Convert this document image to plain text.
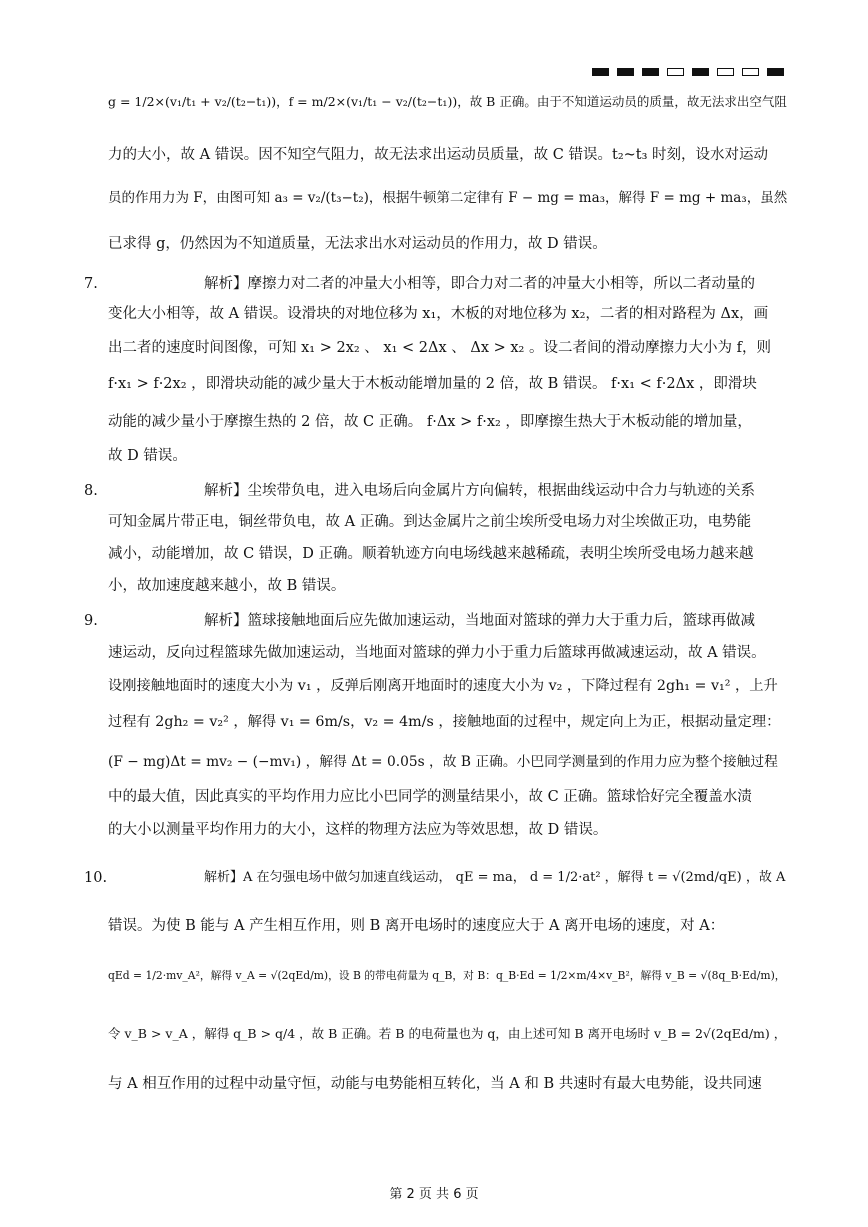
g = 1/2×(v₁/t₁ + v₂/(t₂−t₁))，f = m/2×(v₁/t₁ − v₂/(t₂−t₁))，故 B 正确。由于不知道运动员的质量，故无法求出空气阻
力的大小，故 A 错误。因不知空气阻力，故无法求出运动员质量，故 C 错误。t₂~t₃ 时刻，设水对运动
员的作用力为 F，由图可知 a₃ = v₂/(t₃−t₂)，根据牛顿第二定律有 F − mg = ma₃，解得 F = mg + ma₃，虽然
已求得 g，仍然因为不知道质量，无法求出水对运动员的作用力，故 D 错误。
解析】摩擦力对二者的冲量大小相等，即合力对二者的冲量大小相等，所以二者动量的
变化大小相等，故 A 错误。设滑块的对地位移为 x₁，木板的对地位移为 x₂，二者的相对路程为 Δx，画
出二者的速度时间图像，可知 x₁ > 2x₂ 、 x₁ < 2Δx 、 Δx > x₂ 。设二者间的滑动摩擦力大小为 f，则
f·x₁ > f·2x₂ ，即滑块动能的减少量大于木板动能增加量的 2 倍，故 B 错误。 f·x₁ < f·2Δx ，即滑块
动能的减少量小于摩擦生热的 2 倍，故 C 正确。 f·Δx > f·x₂ ，即摩擦生热大于木板动能的增加量，
故 D 错误。
解析】尘埃带负电，进入电场后向金属片方向偏转，根据曲线运动中合力与轨迹的关系
可知金属片带正电，铜丝带负电，故 A 正确。到达金属片之前尘埃所受电场力对尘埃做正功，电势能
减小，动能增加，故 C 错误，D 正确。顺着轨迹方向电场线越来越稀疏，表明尘埃所受电场力越来越
小，故加速度越来越小，故 B 错误。
解析】篮球接触地面后应先做加速运动，当地面对篮球的弹力大于重力后，篮球再做减
速运动，反向过程篮球先做加速运动，当地面对篮球的弹力小于重力后篮球再做减速运动，故 A 错误。
设刚接触地面时的速度大小为 v₁ ，反弹后刚离开地面时的速度大小为 v₂ ，下降过程有 2gh₁ = v₁² ，上升
过程有 2gh₂ = v₂² ，解得 v₁ = 6m/s，v₂ = 4m/s ，接触地面的过程中，规定向上为正，根据动量定理：
(F − mg)Δt = mv₂ − (−mv₁) ，解得 Δt = 0.05s ，故 B 正确。小巴同学测量到的作用力应为整个接触过程
中的最大值，因此真实的平均作用力应比小巴同学的测量结果小，故 C 正确。篮球恰好完全覆盖水渍
的大小以测量平均作用力的大小，这样的物理方法应为等效思想，故 D 错误。
解析】A 在匀强电场中做匀加速直线运动， qE = ma， d = 1/2·at² ，解得 t = √(2md/qE) ，故 A
错误。为使 B 能与 A 产生相互作用，则 B 离开电场时的速度应大于 A 离开电场的速度，对 A：
qEd = 1/2·mv_A²，解得 v_A = √(2qEd/m)，设 B 的带电荷量为 q_B，对 B：q_B·Ed = 1/2×m/4×v_B²，解得 v_B = √(8q_B·Ed/m)，
令 v_B > v_A ，解得 q_B > q/4 ，故 B 正确。若 B 的电荷量也为 q，由上述可知 B 离开电场时 v_B = 2√(2qEd/m) ，
与 A 相互作用的过程中动量守恒，动能与电势能相互转化，当 A 和 B 共速时有最大电势能，设共同速
7.
8.
9.
10.
第 2 页 共 6 页
